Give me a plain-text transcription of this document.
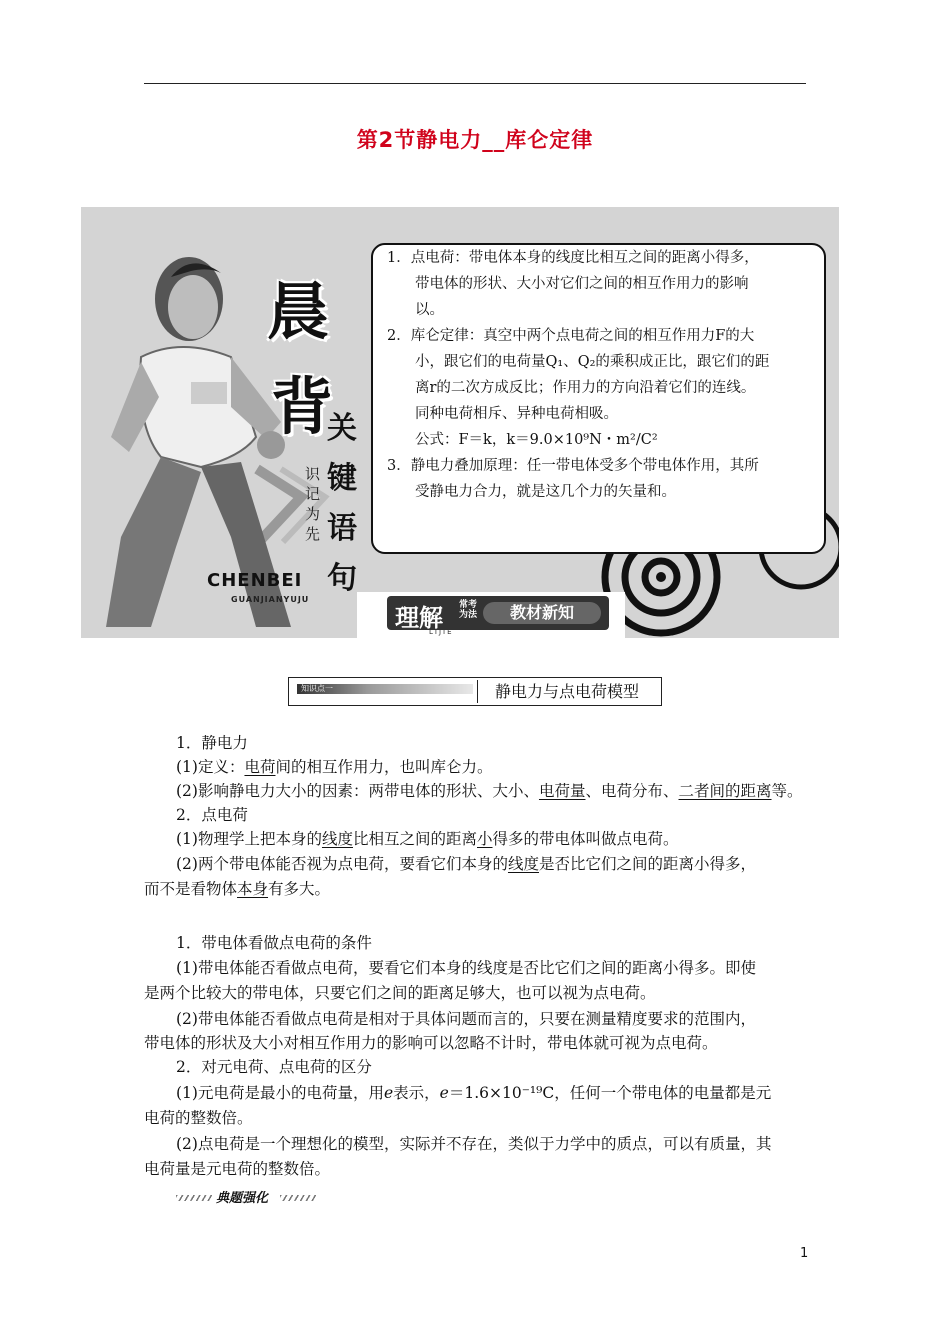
第2节静电力__库仑定律
晨
背
关
键
语
句
识
记
为
先
CHENBEI
GUANJIANYUJU
1．点电荷：带电体本身的线度比相互之间的距离小得多，
带电体的形状、大小对它们之间的相互作用力的影响
以。
2．库仑定律：真空中两个点电荷之间的相互作用力F的大
小，跟它们的电荷量Q₁、Q₂的乘积成正比，跟它们的距
离r的二次方成反比；作用力的方向沿着它们的连线。
同种电荷相斥、异种电荷相吸。
公式：F＝k，k＝9.0×10⁹N・m²/C²
3．静电力叠加原理：任一带电体受多个带电体作用，其所
受静电力合力，就是这几个力的矢量和。
理解 常考为法	教材新知
LIJIE
知识点一	静电力与点电荷模型
1．静电力
(1)定义：电荷间的相互作用力，也叫库仑力。
(2)影响静电力大小的因素：两带电体的形状、大小、电荷量、电荷分布、二者间的距离等。
2．点电荷
(1)物理学上把本身的线度比相互之间的距离小得多的带电体叫做点电荷。
(2)两个带电体能否视为点电荷，要看它们本身的线度是否比它们之间的距离小得多，
而不是看物体本身有多大。
1．带电体看做点电荷的条件
(1)带电体能否看做点电荷，要看它们本身的线度是否比它们之间的距离小得多。即使
是两个比较大的带电体，只要它们之间的距离足够大，也可以视为点电荷。
(2)带电体能否看做点电荷是相对于具体问题而言的，只要在测量精度要求的范围内，
带电体的形状及大小对相互作用力的影响可以忽略不计时，带电体就可视为点电荷。
2．对元电荷、点电荷的区分
(1)元电荷是最小的电荷量，用e表示，e＝1.6×10⁻¹⁹C，任何一个带电体的电量都是元
电荷的整数倍。
(2)点电荷是一个理想化的模型，实际并不存在，类似于力学中的质点，可以有质量，其
电荷量是元电荷的整数倍。
典题强化
1
